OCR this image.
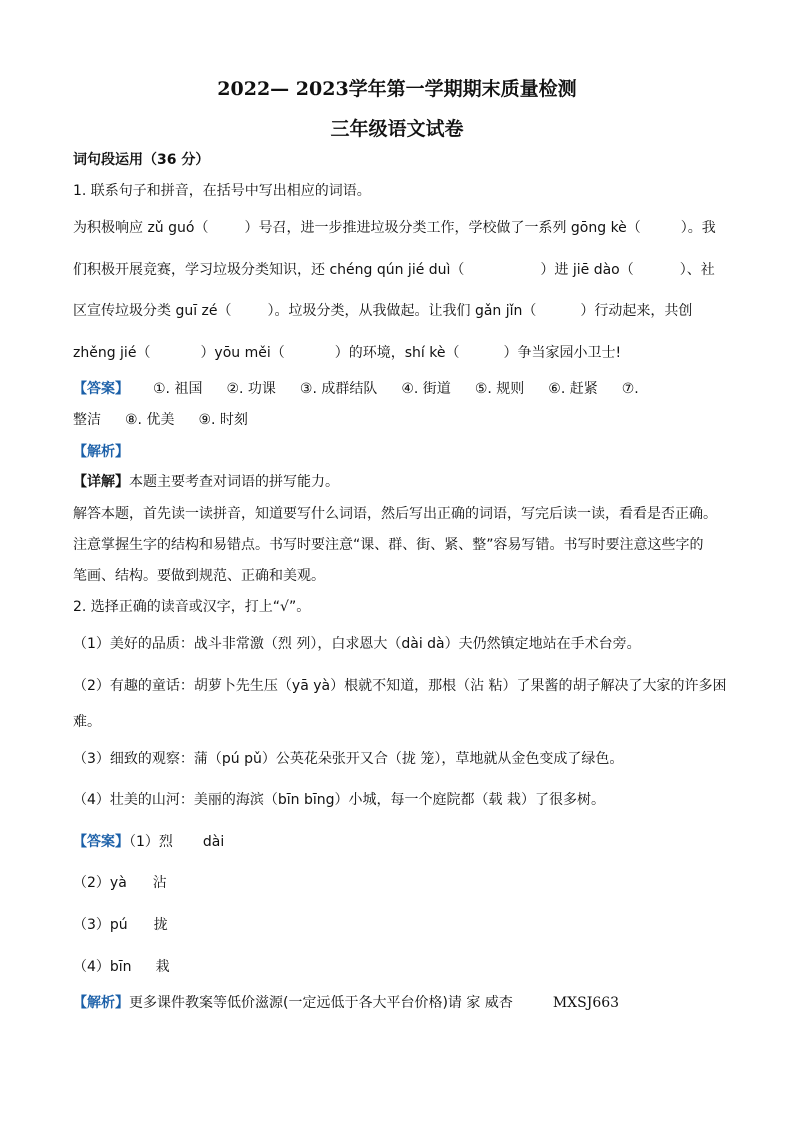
2022— 2023学年第一学期期末质量检测
三年级语文试卷
词句段运用（36 分）
1. 联系句子和拼音，在括号中写出相应的词语。
为积极响应 zǔ guó（	）号召，进一步推进垃圾分类工作，学校做了一系列 gōng kè（	）。我
们积极开展竞赛，学习垃圾分类知识，还 chéng qún jié duì（	）进 jiē dào（	）、社
区宣传垃圾分类 guī zé（	）。垃圾分类，从我做起。让我们 gǎn jǐn（	）行动起来，共创
zhěng jié（	）yōu měi（	）的环境，shí kè（	）争当家园小卫士!
【答案】 ①. 祖国 ②. 功课 ③. 成群结队 ④. 街道 ⑤. 规则 ⑥. 赶紧 ⑦.
整洁 ⑧. 优美 ⑨. 时刻
【解析】
【详解】本题主要考查对词语的拼写能力。
解答本题，首先读一读拼音，知道要写什么词语，然后写出正确的词语，写完后读一读，看看是否正确。
注意掌握生字的结构和易错点。书写时要注意“课、群、街、紧、整”容易写错。书写时要注意这些字的
笔画、结构。要做到规范、正确和美观。
2. 选择正确的读音或汉字，打上“√”。
（1）美好的品质：战斗非常激（烈 列），白求恩大（dài dà）夫仍然镇定地站在手术台旁。
（2）有趣的童话：胡萝卜先生压（yā yà）根就不知道，那根（沾 粘）了果酱的胡子解决了大家的许多困
难。
（3）细致的观察：蒲（pú pǔ）公英花朵张开又合（拢 笼），草地就从金色变成了绿色。
（4）壮美的山河：美丽的海滨（bīn bīng）小城，每一个庭院都（载 栽）了很多树。
【答案】（1）烈 dài
（2）yà 沾
（3）pú 拢
（4）bīn 栽
【解析】更多课件教案等低价滋源(一定远低于各大平台价格)请 家 威杏	MXSJ663
